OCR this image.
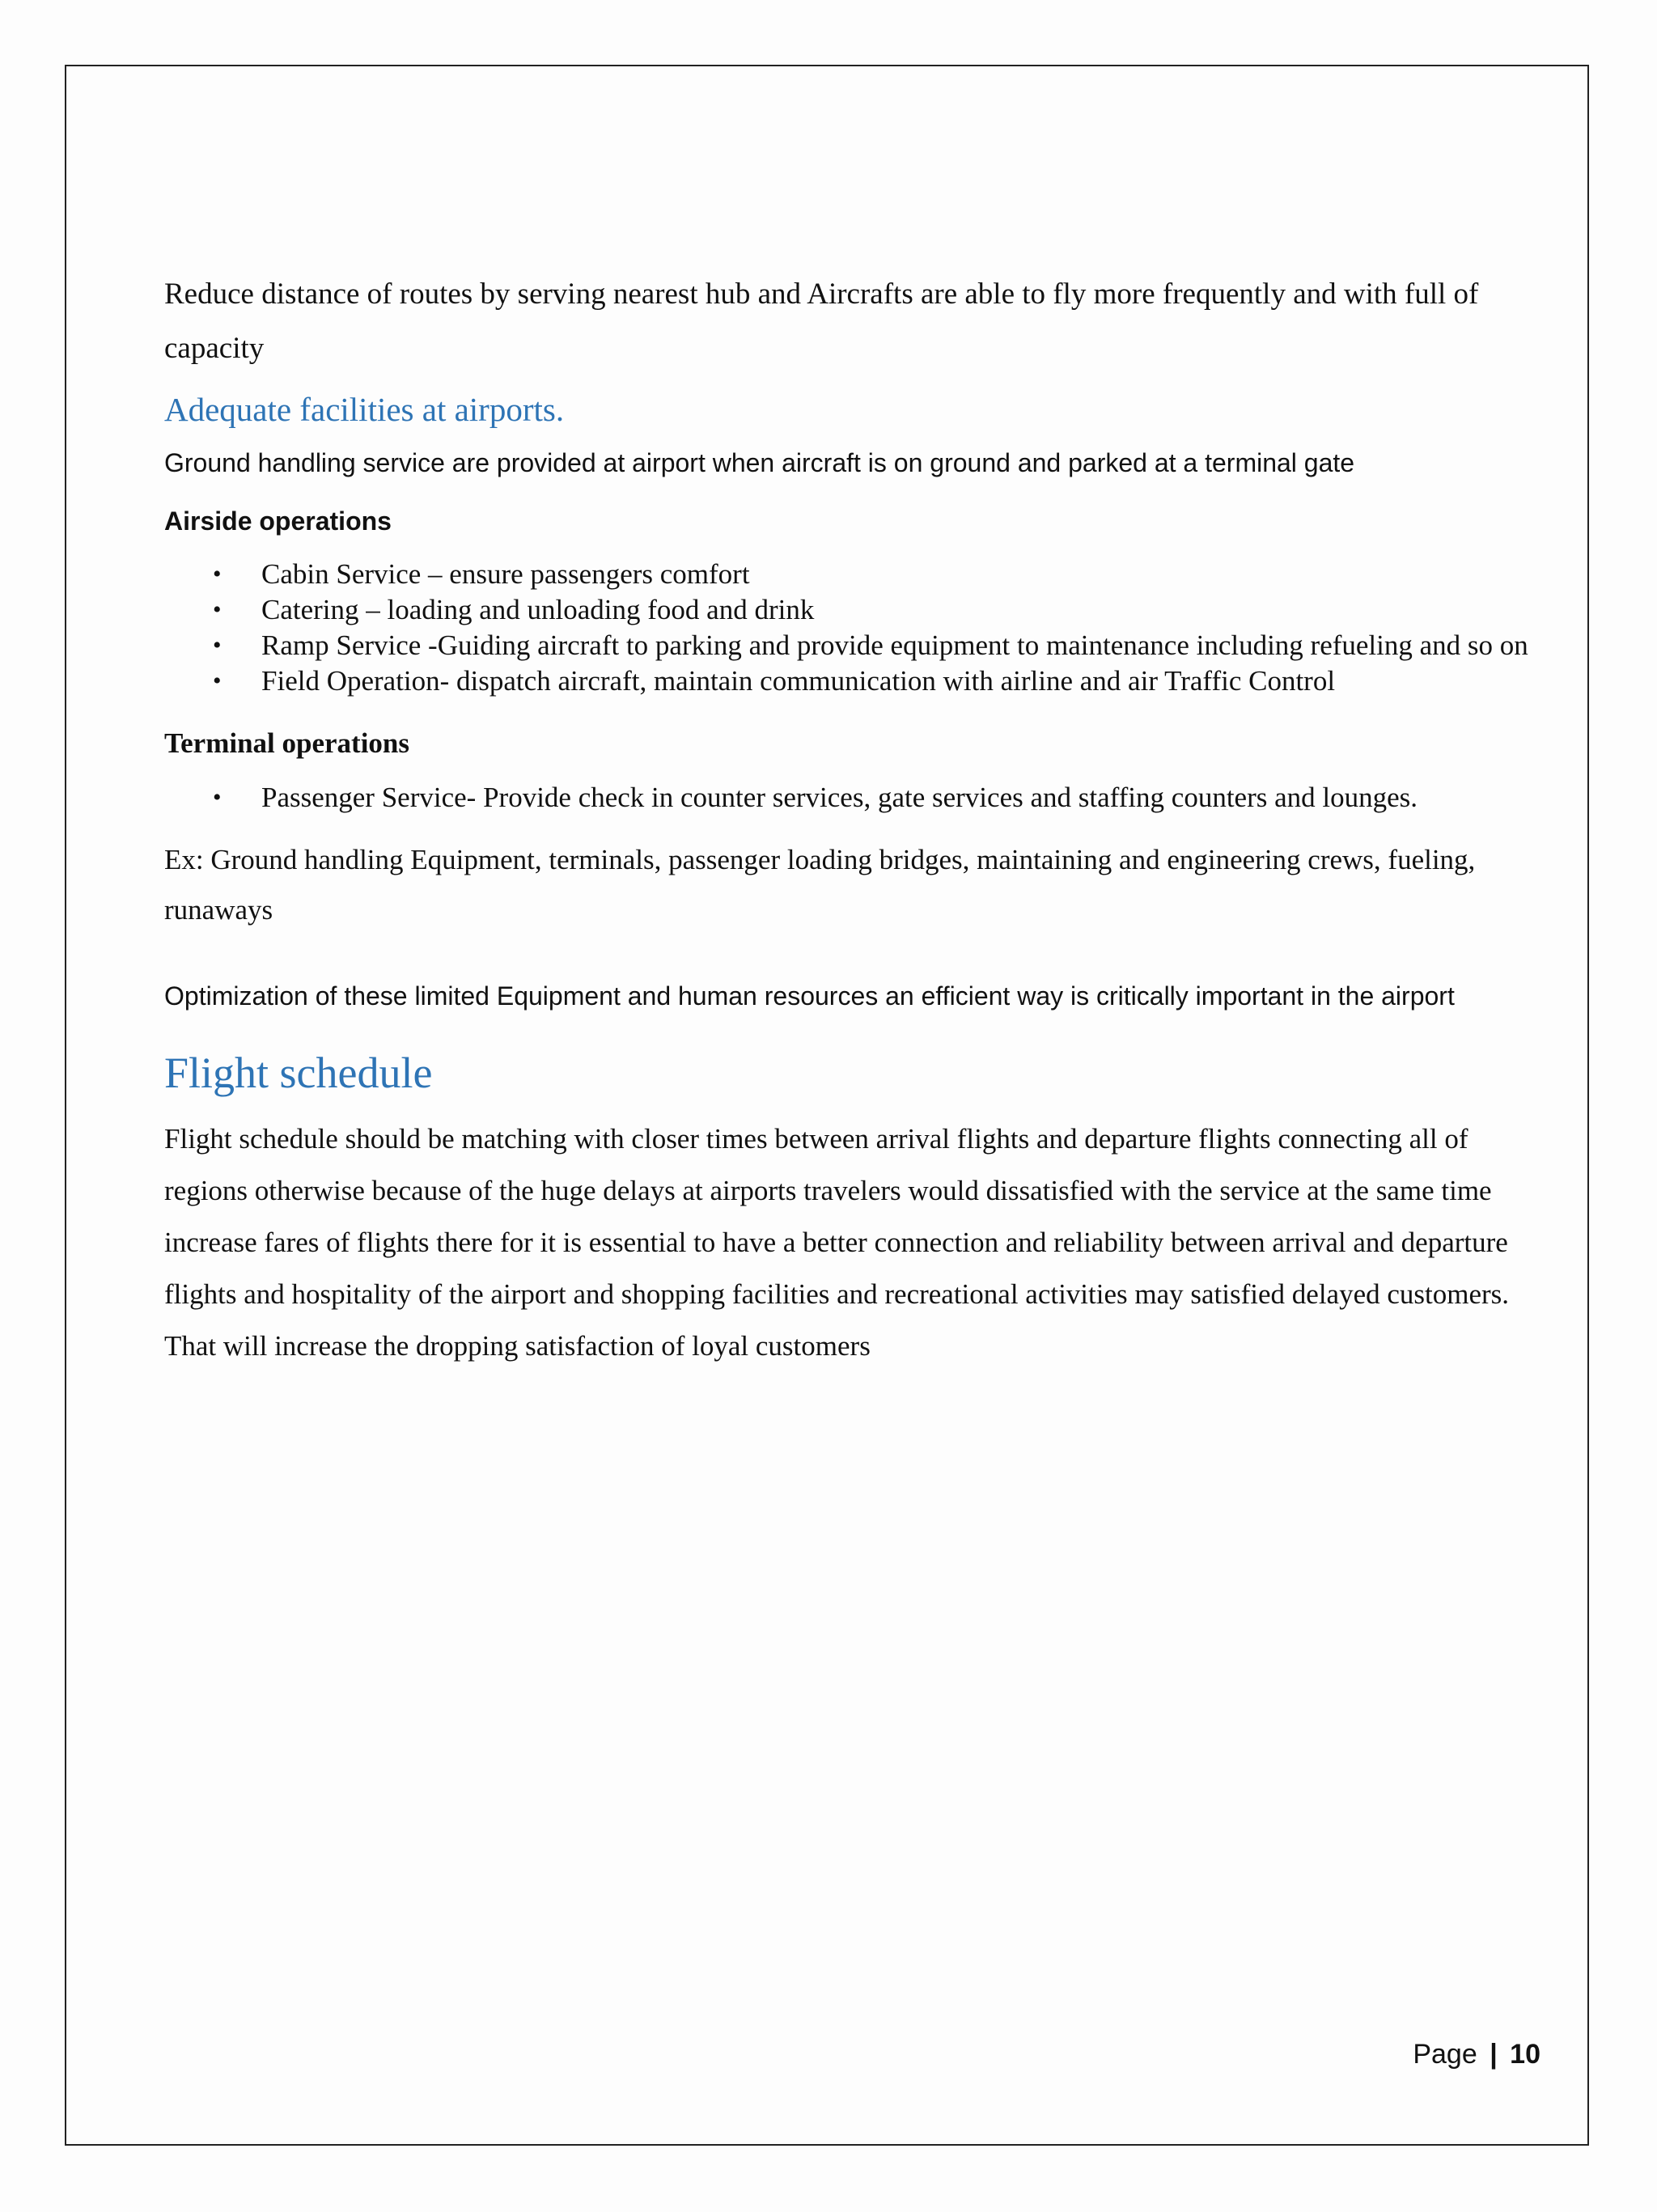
Reduce distance of routes by serving nearest hub and Aircrafts are able to fly more frequently and with full of capacity

Adequate facilities at airports.

Ground handling service are provided at airport when aircraft is on ground and parked at a terminal gate

Airside operations

• Cabin Service – ensure passengers comfort
• Catering – loading and unloading food and drink
• Ramp Service -Guiding aircraft to parking and provide equipment to maintenance including refueling and so on
• Field Operation- dispatch aircraft, maintain communication with airline and air Traffic Control

Terminal operations

• Passenger Service- Provide check in counter services, gate services and staffing counters and lounges.

Ex: Ground handling Equipment, terminals, passenger loading bridges, maintaining and engineering crews, fueling, runaways

Optimization of these limited Equipment and human resources an efficient way is critically important in the airport

Flight schedule

Flight schedule should be matching with closer times between arrival flights and departure flights connecting all of regions otherwise because of the huge delays at airports travelers would dissatisfied with the service at the same time increase fares of flights there for it is essential to have a better connection and reliability between arrival and departure flights and hospitality of the airport and shopping facilities and recreational activities may satisfied delayed customers. That will increase the dropping satisfaction of loyal customers

Page | 10
